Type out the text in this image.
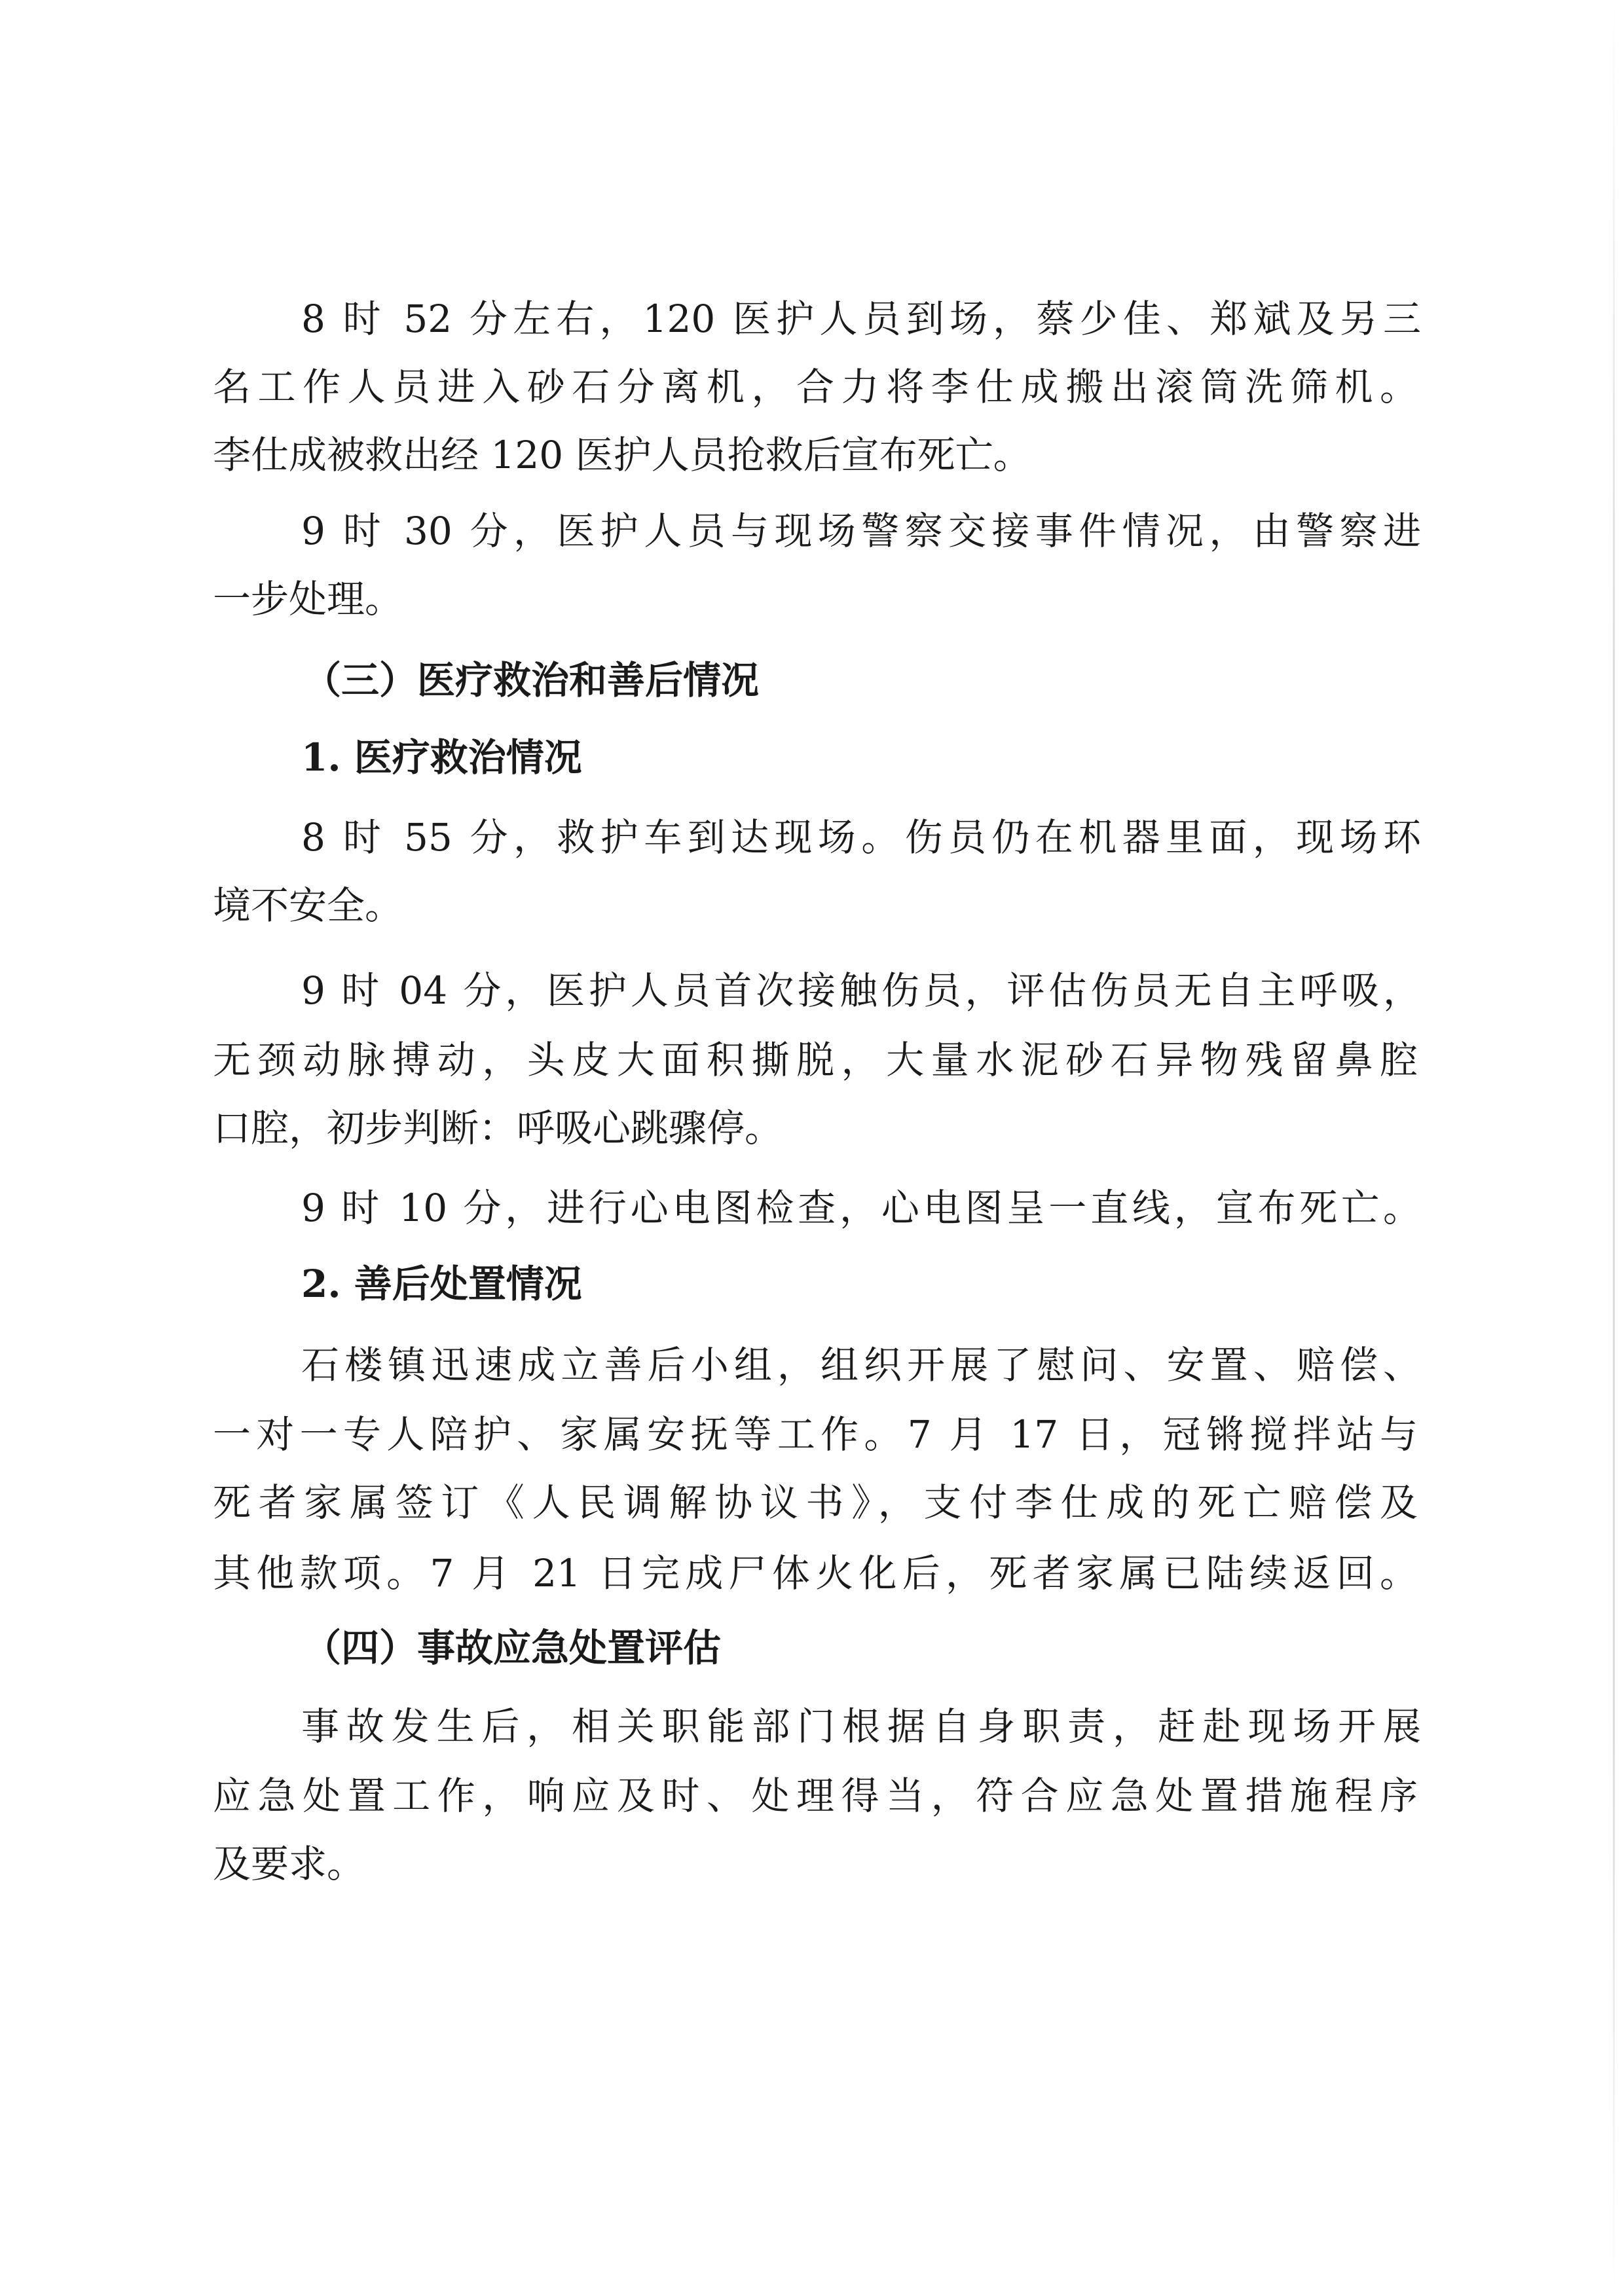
8 时 52 分左右，120 医护人员到场，蔡少佳、郑斌及另三
名工作人员进入砂石分离机，合力将李仕成搬出滚筒洗筛机。
李仕成被救出经 120 医护人员抢救后宣布死亡。
9 时 30 分，医护人员与现场警察交接事件情况，由警察进
一步处理。
（三）医疗救治和善后情况
1. 医疗救治情况
8 时 55 分，救护车到达现场。伤员仍在机器里面，现场环
境不安全。
9 时 04 分，医护人员首次接触伤员，评估伤员无自主呼吸，
无颈动脉搏动，头皮大面积撕脱，大量水泥砂石异物残留鼻腔
口腔，初步判断：呼吸心跳骤停。
9 时 10 分，进行心电图检查，心电图呈一直线，宣布死亡。
2. 善后处置情况
石楼镇迅速成立善后小组，组织开展了慰问、安置、赔偿、
一对一专人陪护、家属安抚等工作。7 月 17 日，冠锵搅拌站与
死者家属签订《人民调解协议书》，支付李仕成的死亡赔偿及
其他款项。7 月 21 日完成尸体火化后，死者家属已陆续返回。
（四）事故应急处置评估
事故发生后，相关职能部门根据自身职责，赶赴现场开展
应急处置工作，响应及时、处理得当，符合应急处置措施程序
及要求。
